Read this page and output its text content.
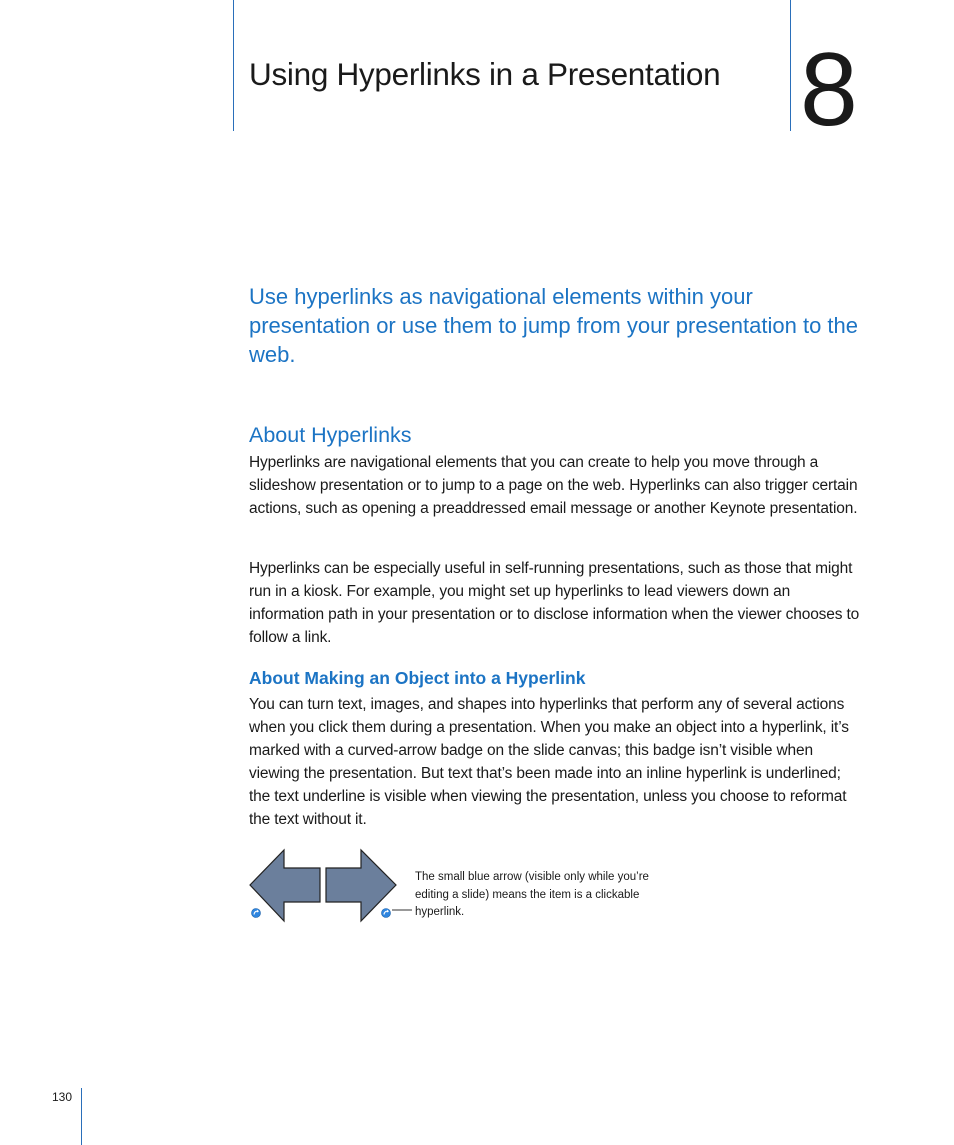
Using Hyperlinks in a Presentation 8

Use hyperlinks as navigational elements within your presentation or use them to jump from your presentation to the web.

About Hyperlinks

Hyperlinks are navigational elements that you can create to help you move through a slideshow presentation or to jump to a page on the web. Hyperlinks can also trigger certain actions, such as opening a preaddressed email message or another Keynote presentation.

Hyperlinks can be especially useful in self-running presentations, such as those that might run in a kiosk. For example, you might set up hyperlinks to lead viewers down an information path in your presentation or to disclose information when the viewer chooses to follow a link.

About Making an Object into a Hyperlink

You can turn text, images, and shapes into hyperlinks that perform any of several actions when you click them during a presentation. When you make an object into a hyperlink, it’s marked with a curved-arrow badge on the slide canvas; this badge isn’t visible when viewing the presentation. But text that’s been made into an inline hyperlink is underlined; the text underline is visible when viewing the presentation, unless you choose to reformat the text without it.

The small blue arrow (visible only while you’re editing a slide) means the item is a clickable hyperlink.

130
